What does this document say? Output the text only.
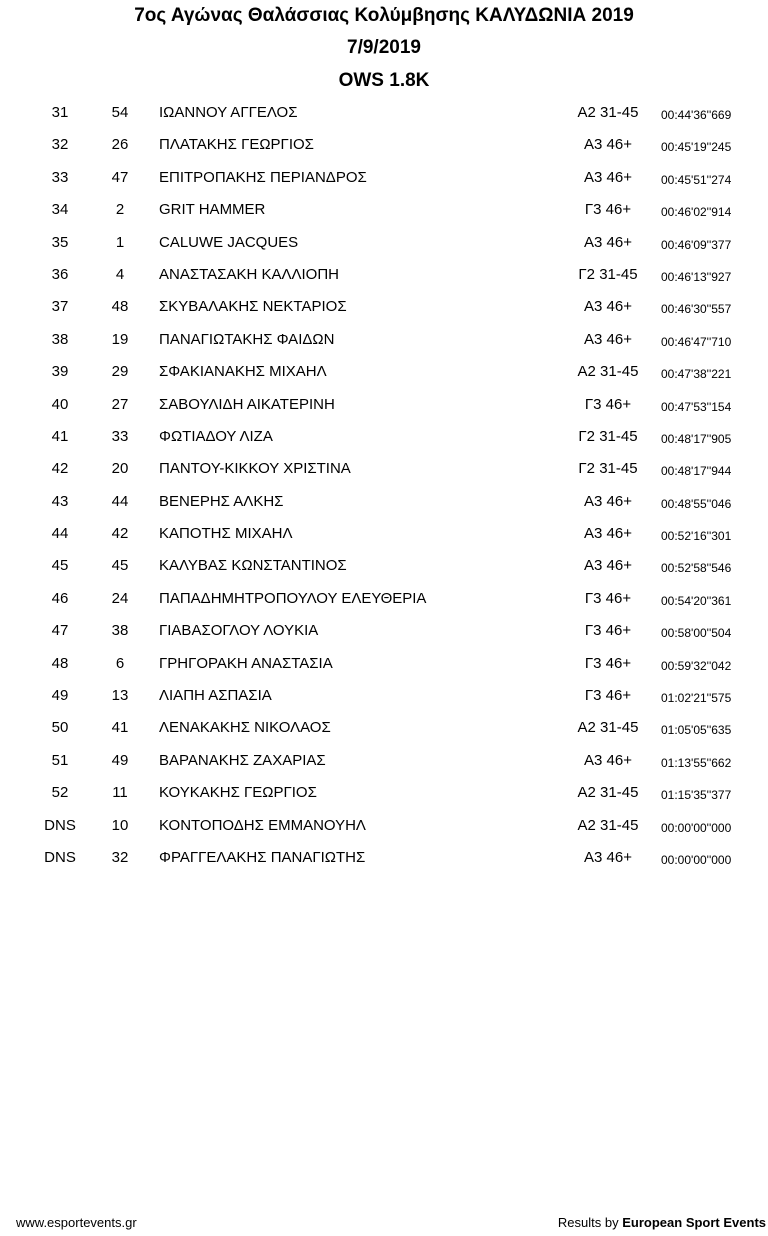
7ος Αγώνας Θαλάσσιας Κολύμβησης ΚΑΛΥΔΩΝΙΑ 2019
7/9/2019
OWS 1.8K
31	54	ΙΩΑΝΝΟΥ ΑΓΓΕΛΟΣ	Α2 31-45	00:44'36''669
32	26	ΠΛΑΤΑΚΗΣ ΓΕΩΡΓΙΟΣ	Α3 46+	00:45'19''245
33	47	ΕΠΙΤΡΟΠΑΚΗΣ ΠΕΡΙΑΝΔΡΟΣ	Α3 46+	00:45'51''274
34	2	GRIT HAMMER	Γ3 46+	00:46'02''914
35	1	CALUWE JACQUES	Α3 46+	00:46'09''377
36	4	ΑΝΑΣΤΑΣΑΚΗ ΚΑΛΛΙΟΠΗ	Γ2 31-45	00:46'13''927
37	48	ΣΚΥΒΑΛΑΚΗΣ ΝΕΚΤΑΡΙΟΣ	Α3 46+	00:46'30''557
38	19	ΠΑΝΑΓΙΩΤΑΚΗΣ ΦΑΙΔΩΝ	Α3 46+	00:46'47''710
39	29	ΣΦΑΚΙΑΝΑΚΗΣ ΜΙΧΑΗΛ	Α2 31-45	00:47'38''221
40	27	ΣΑΒΟΥΛΙΔΗ ΑΙΚΑΤΕΡΙΝΗ	Γ3 46+	00:47'53''154
41	33	ΦΩΤΙΑΔΟΥ ΛΙΖΑ	Γ2 31-45	00:48'17''905
42	20	ΠΑΝΤΟΥ-ΚΙΚΚΟΥ ΧΡΙΣΤΙΝΑ	Γ2 31-45	00:48'17''944
43	44	ΒΕΝΕΡΗΣ ΑΛΚΗΣ	Α3 46+	00:48'55''046
44	42	ΚΑΠΟΤΗΣ ΜΙΧΑΗΛ	Α3 46+	00:52'16''301
45	45	ΚΑΛΥΒΑΣ ΚΩΝΣΤΑΝΤΙΝΟΣ	Α3 46+	00:52'58''546
46	24	ΠΑΠΑΔΗΜΗΤΡΟΠΟΥΛΟΥ ΕΛΕΥΘΕΡΙΑ	Γ3 46+	00:54'20''361
47	38	ΓΙΑΒΑΣΟΓΛΟΥ ΛΟΥΚΙΑ	Γ3 46+	00:58'00''504
48	6	ΓΡΗΓΟΡΑΚΗ ΑΝΑΣΤΑΣΙΑ	Γ3 46+	00:59'32''042
49	13	ΛΙΑΠΗ ΑΣΠΑΣΙΑ	Γ3 46+	01:02'21''575
50	41	ΛΕΝΑΚΑΚΗΣ ΝΙΚΟΛΑΟΣ	Α2 31-45	01:05'05''635
51	49	ΒΑΡΑΝΑΚΗΣ ΖΑΧΑΡΙΑΣ	Α3 46+	01:13'55''662
52	11	ΚΟΥΚΑΚΗΣ ΓΕΩΡΓΙΟΣ	Α2 31-45	01:15'35''377
DNS	10	ΚΟΝΤΟΠΟΔΗΣ ΕΜΜΑΝΟΥΗΛ	Α2 31-45	00:00'00''000
DNS	32	ΦΡΑΓΓΕΛΑΚΗΣ ΠΑΝΑΓΙΩΤΗΣ	Α3 46+	00:00'00''000
www.esportevents.gr	Results by European Sport Events
